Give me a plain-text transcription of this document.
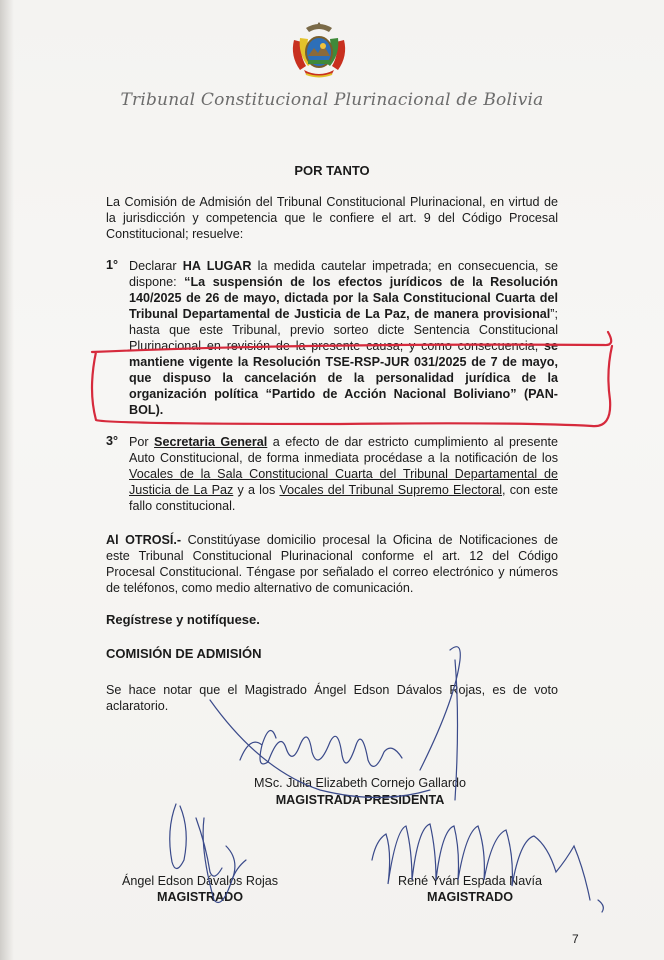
Tribunal Constitucional Plurinacional de Bolivia
POR TANTO
La Comisión de Admisión del Tribunal Constitucional Plurinacional, en virtud de la jurisdicción y competencia que le confiere el art. 9 del Código Procesal Constitucional; resuelve:
1° Declarar HA LUGAR la medida cautelar impetrada; en consecuencia, se dispone: “La suspensión de los efectos jurídicos de la Resolución 140/2025 de 26 de mayo, dictada por la Sala Constitucional Cuarta del Tribunal Departamental de Justicia de La Paz, de manera provisional”; hasta que este Tribunal, previo sorteo dicte Sentencia Constitucional Plurinacional en revisión de la presente causa; y como consecuencia, se mantiene vigente la Resolución TSE-RSP-JUR 031/2025 de 7 de mayo, que dispuso la cancelación de la personalidad jurídica de la organización política “Partido de Acción Nacional Boliviano” (PAN-BOL).
3° Por Secretaria General a efecto de dar estricto cumplimiento al presente Auto Constitucional, de forma inmediata procédase a la notificación de los Vocales de la Sala Constitucional Cuarta del Tribunal Departamental de Justicia de La Paz y a los Vocales del Tribunal Supremo Electoral, con este fallo constitucional.
Al OTROSÍ.- Constitúyase domicilio procesal la Oficina de Notificaciones de este Tribunal Constitucional Plurinacional conforme el art. 12 del Código Procesal Constitucional. Téngase por señalado el correo electrónico y números de teléfonos, como medio alternativo de comunicación.
Regístrese y notifíquese.
COMISIÓN DE ADMISIÓN
Se hace notar que el Magistrado Ángel Edson Dávalos Rojas, es de voto aclaratorio.
MSc. Julia Elizabeth Cornejo Gallardo
MAGISTRADA PRESIDENTA
Ángel Edson Dávalos Rojas
MAGISTRADO
René Yván Espada Navía
MAGISTRADO
7
